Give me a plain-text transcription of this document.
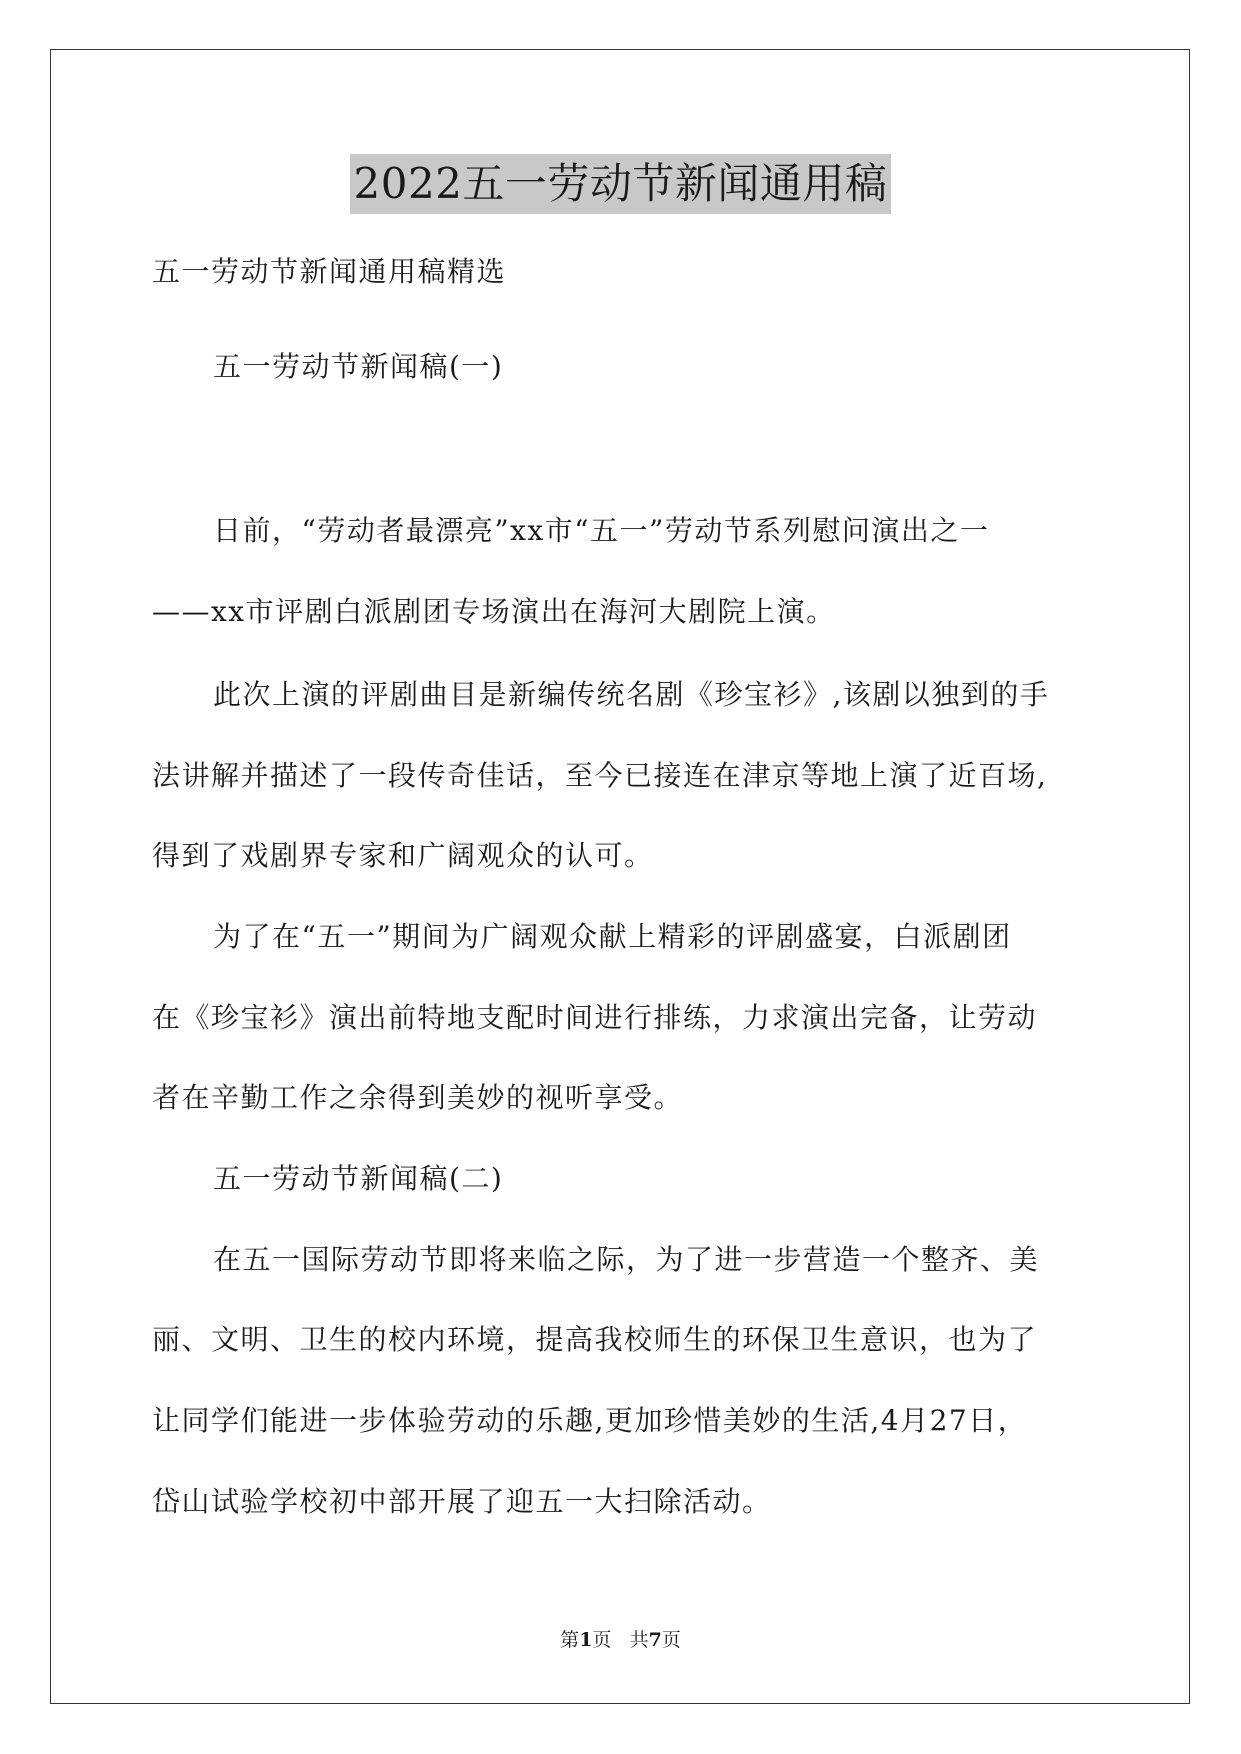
2022五一劳动节新闻通用稿
五一劳动节新闻通用稿精选
五一劳动节新闻稿(一)
日前，“劳动者最漂亮”xx市“五一”劳动节系列慰问演出之一
——xx市评剧白派剧团专场演出在海河大剧院上演。
此次上演的评剧曲目是新编传统名剧《珍宝衫》,该剧以独到的手
法讲解并描述了一段传奇佳话，至今已接连在津京等地上演了近百场,
得到了戏剧界专家和广阔观众的认可。
为了在“五一”期间为广阔观众献上精彩的评剧盛宴，白派剧团
在《珍宝衫》演出前特地支配时间进行排练，力求演出完备，让劳动
者在辛勤工作之余得到美妙的视听享受。
五一劳动节新闻稿(二)
在五一国际劳动节即将来临之际，为了进一步营造一个整齐、美
丽、文明、卫生的校内环境，提高我校师生的环保卫生意识，也为了
让同学们能进一步体验劳动的乐趣,更加珍惜美妙的生活,4月27日，
岱山试验学校初中部开展了迎五一大扫除活动。
第1页 共7页
